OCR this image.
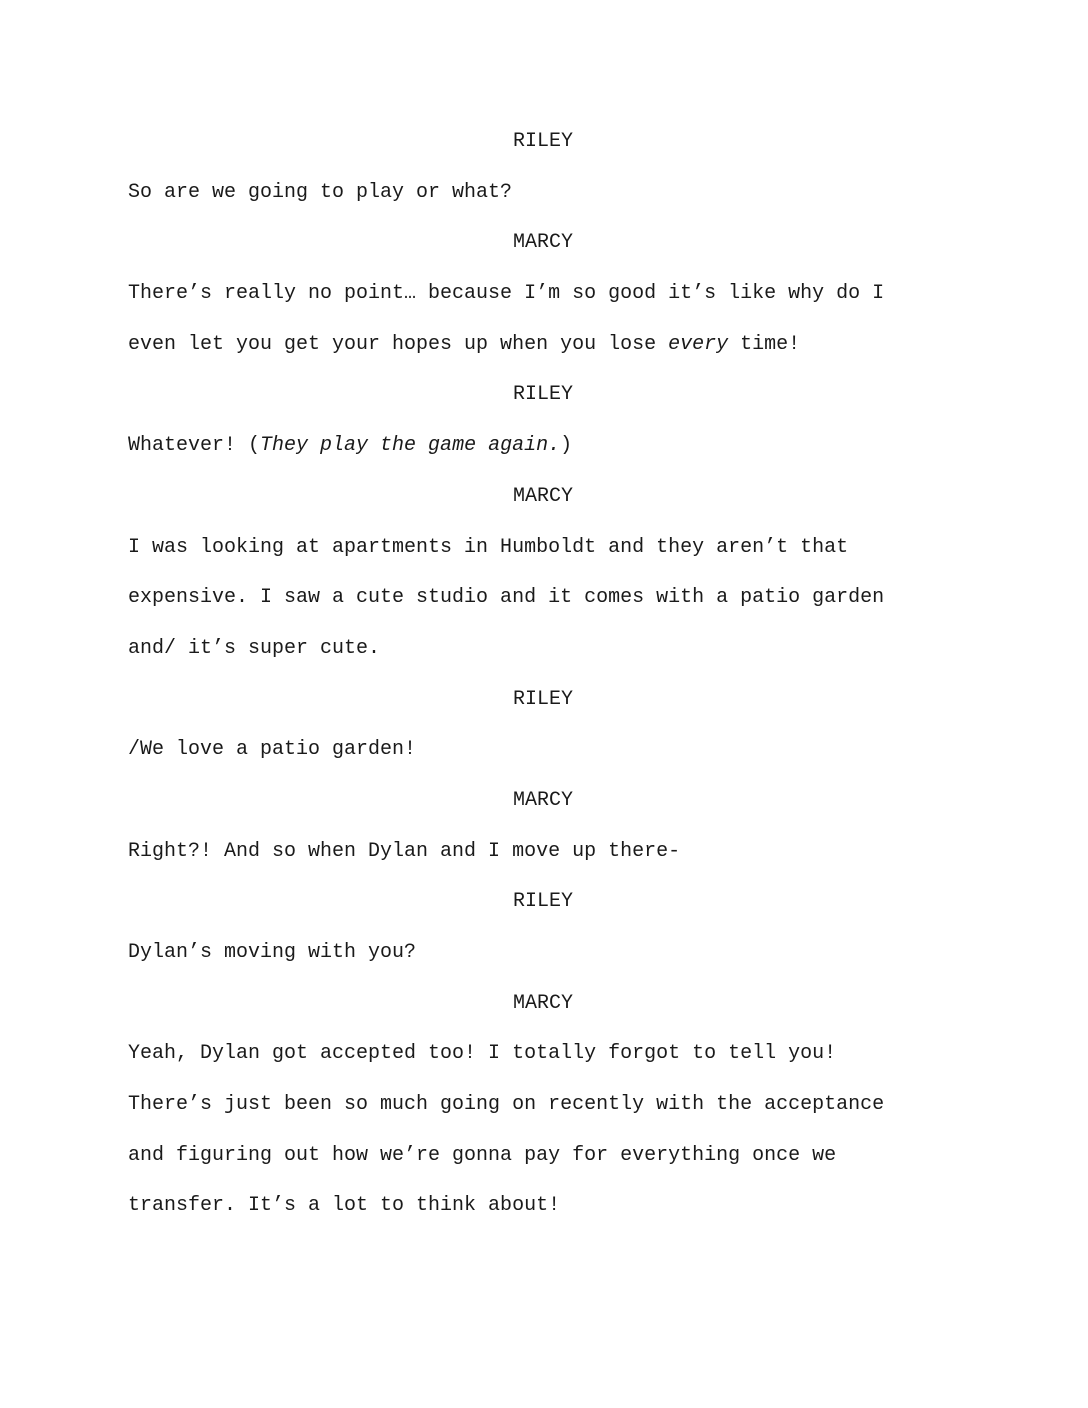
RILEY
So are we going to play or what?
MARCY
There’s really no point… because I’m so good it’s like why do I
even let you get your hopes up when you lose every time!
RILEY
Whatever! (They play the game again.)
MARCY
I was looking at apartments in Humboldt and they aren’t that
expensive. I saw a cute studio and it comes with a patio garden
and/ it’s super cute.
RILEY
/We love a patio garden!
MARCY
Right?! And so when Dylan and I move up there-
RILEY
Dylan’s moving with you?
MARCY
Yeah, Dylan got accepted too! I totally forgot to tell you!
There’s just been so much going on recently with the acceptance
and figuring out how we’re gonna pay for everything once we
transfer. It’s a lot to think about!
